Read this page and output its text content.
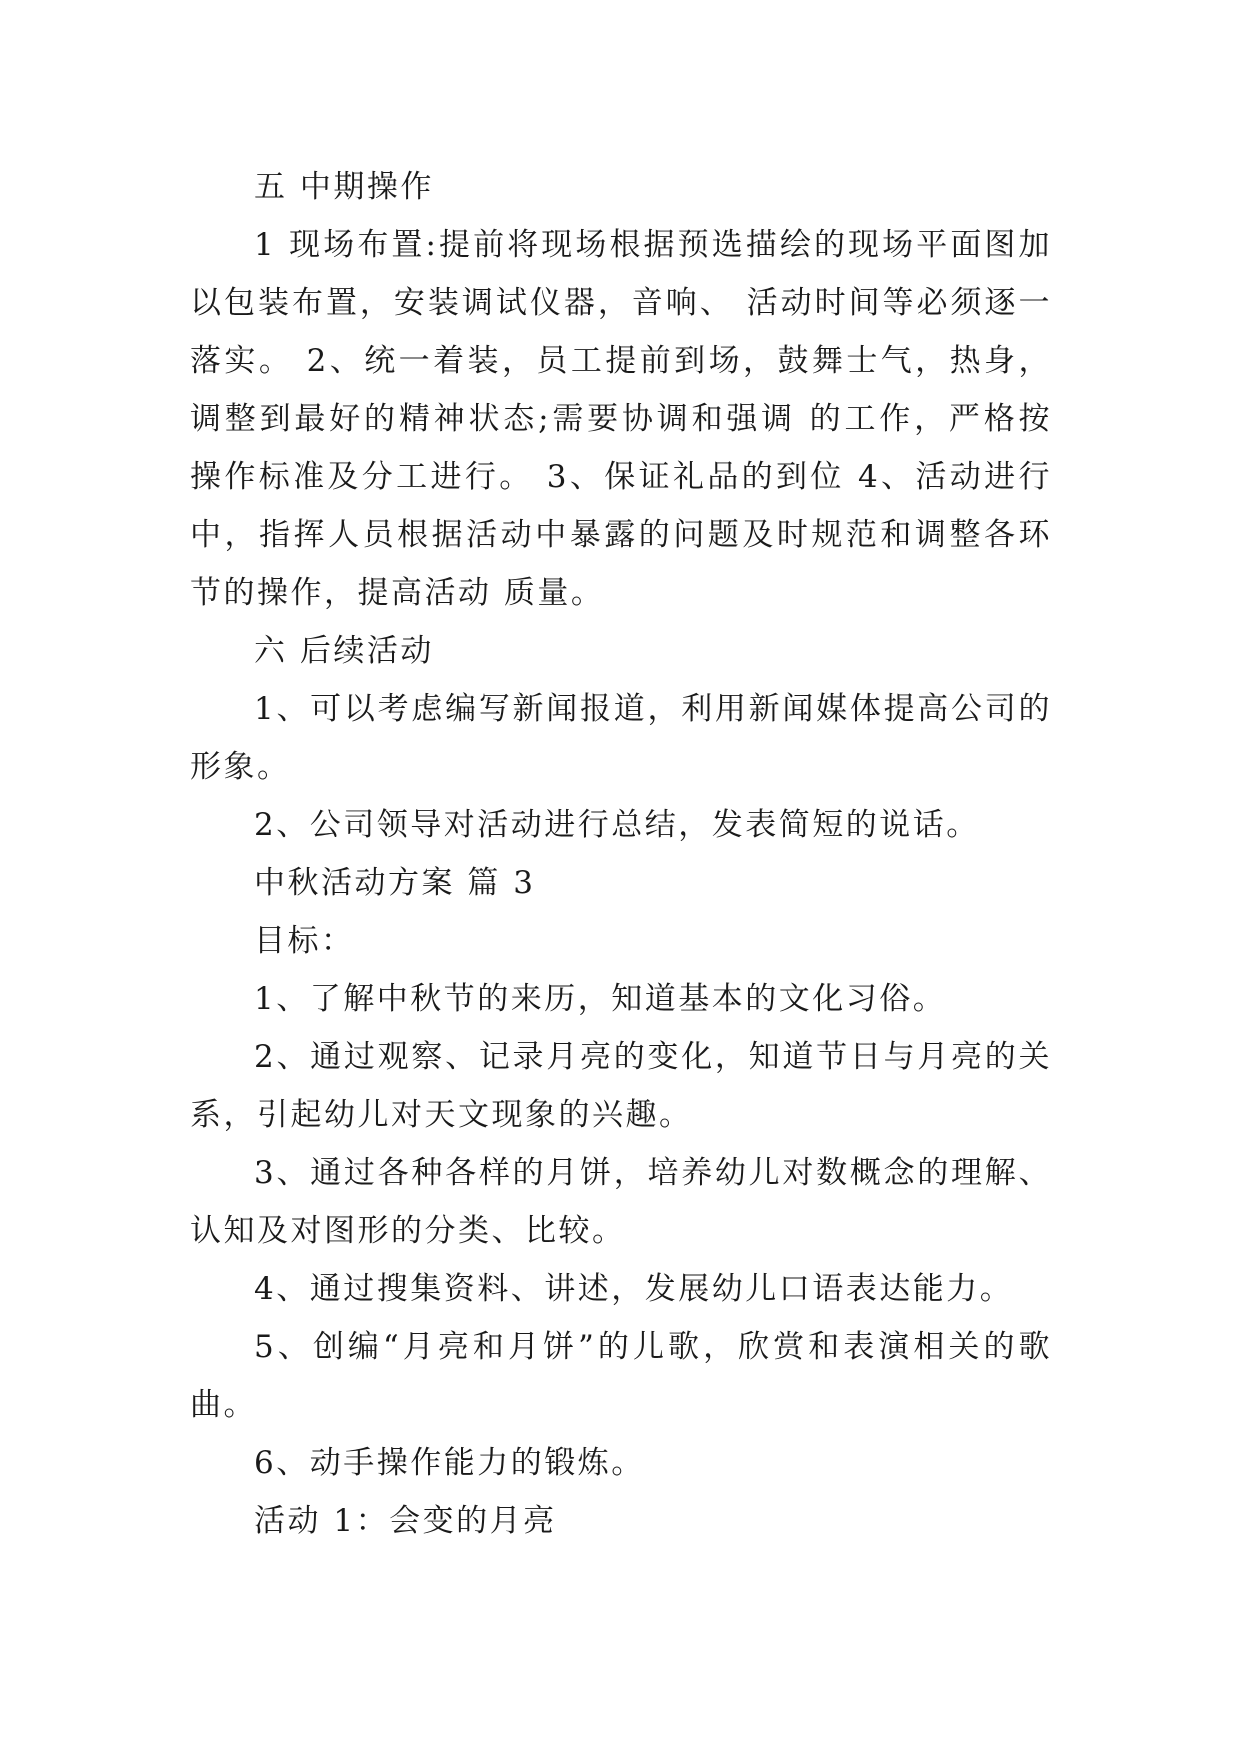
五 中期操作

1 现场布置:提前将现场根据预选描绘的现场平面图加以包装布置，安装调试仪器，音响、 活动时间等必须逐一落实。 2、统一着装，员工提前到场，鼓舞士气，热身，调整到最好的精神状态;需要协调和强调 的工作，严格按操作标准及分工进行。 3、保证礼品的到位 4、活动进行中，指挥人员根据活动中暴露的问题及时规范和调整各环节的操作，提高活动 质量。

六 后续活动

1、可以考虑编写新闻报道，利用新闻媒体提高公司的形象。

2、公司领导对活动进行总结，发表简短的说话。

中秋活动方案 篇 3

目标：

1、了解中秋节的来历，知道基本的文化习俗。

2、通过观察、记录月亮的变化，知道节日与月亮的关系，引起幼儿对天文现象的兴趣。

3、通过各种各样的月饼，培养幼儿对数概念的理解、认知及对图形的分类、比较。

4、通过搜集资料、讲述，发展幼儿口语表达能力。

5、创编“月亮和月饼”的儿歌，欣赏和表演相关的歌曲。

6、动手操作能力的锻炼。

活动 1：会变的月亮
